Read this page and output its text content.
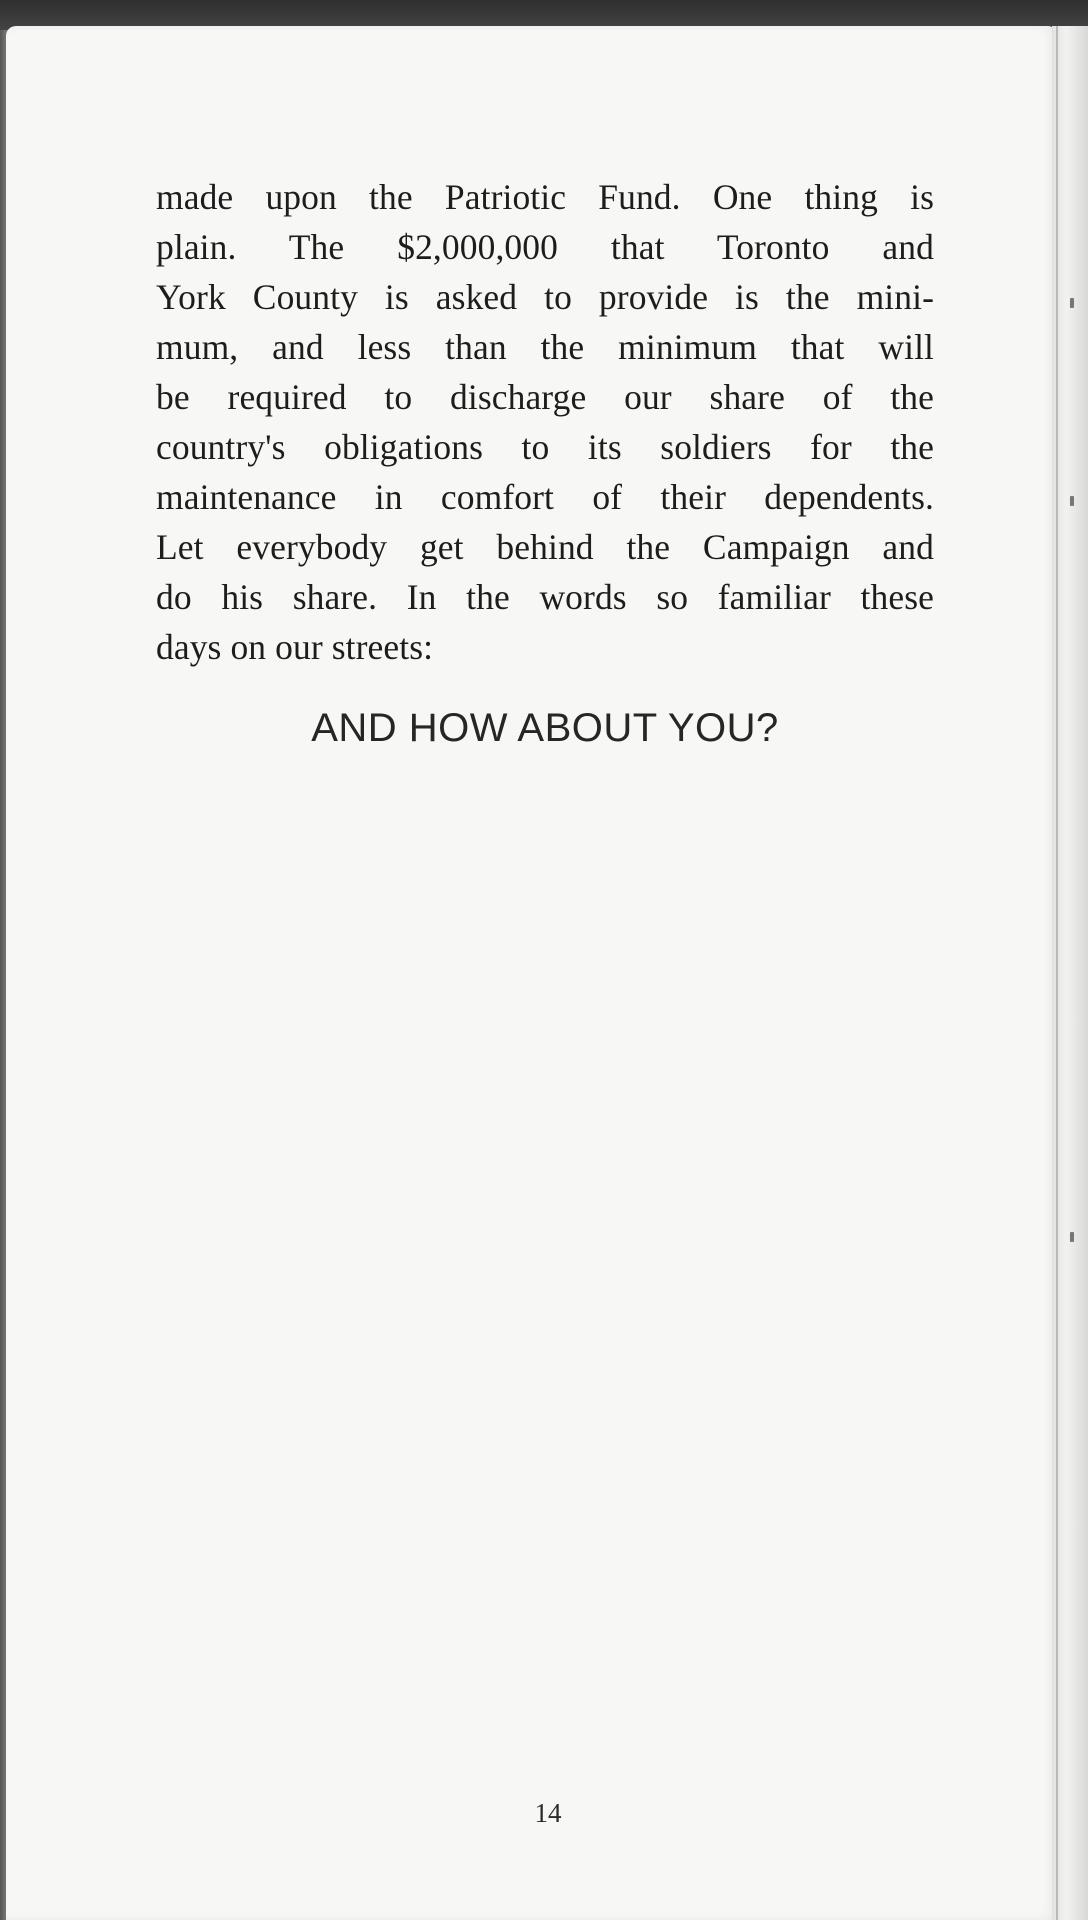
made upon the Patriotic Fund. One thing is
plain. The $2,000,000 that Toronto and
York County is asked to provide is the mini-
mum, and less than the minimum that will
be required to discharge our share of the
country's obligations to its soldiers for the
maintenance in comfort of their dependents.
Let everybody get behind the Campaign and
do his share. In the words so familiar these
days on our streets:
AND HOW ABOUT YOU?
14
